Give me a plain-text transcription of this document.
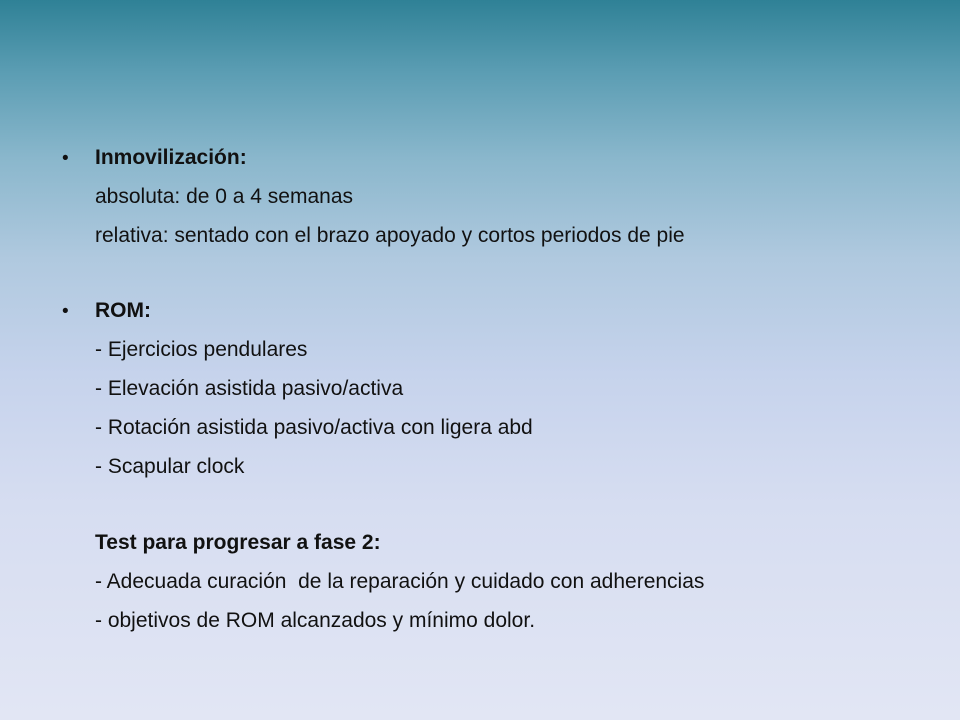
•	Inmovilización:
absoluta: de 0 a 4 semanas
relativa: sentado con el brazo apoyado y cortos periodos de pie
•	ROM:
- Ejercicios pendulares
- Elevación asistida pasivo/activa
- Rotación asistida pasivo/activa con ligera abd
- Scapular clock
Test para progresar a fase 2:
- Adecuada curación  de la reparación y cuidado con adherencias
- objetivos de ROM alcanzados y mínimo dolor.
